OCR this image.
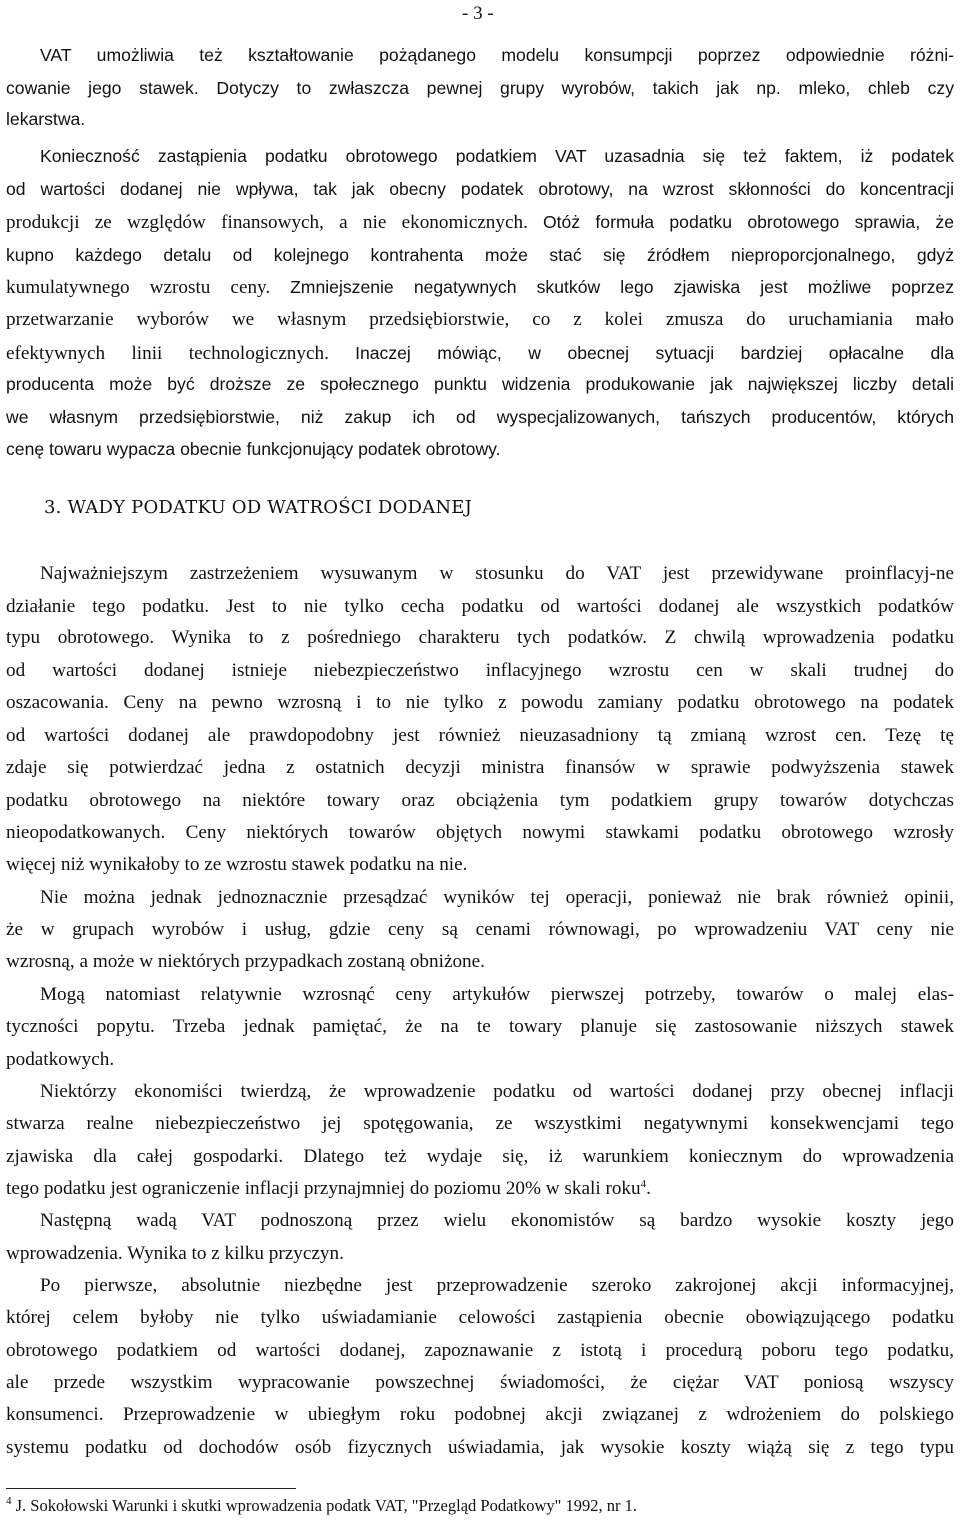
- 3 -
VAT umożliwia też kształtowanie pożądanego modelu konsumpcji poprzez odpowiednie różni-
cowanie jego stawek. Dotyczy to zwłaszcza pewnej grupy wyrobów, takich jak np. mleko, chleb czy
lekarstwa.
Konieczność zastąpienia podatku obrotowego podatkiem VAT uzasadnia się też faktem, iż podatek
od wartości dodanej nie wpływa, tak jak obecny podatek obrotowy, na wzrost skłonności do koncentracji
produkcji ze względów finansowych, a nie ekonomicznych. Otóż formuła podatku obrotowego sprawia, że
kupno każdego detalu od kolejnego kontrahenta może stać się źródłem nieproporcjonalnego, gdyż
kumulatywnego wzrostu ceny. Zmniejszenie negatywnych skutków lego zjawiska jest możliwe poprzez
przetwarzanie wyborów we własnym przedsiębiorstwie, co z kolei zmusza do uruchamiania mało
efektywnych linii technologicznych. Inaczej mówiąc, w obecnej sytuacji bardziej opłacalne dla
producenta może być droższe ze społecznego punktu widzenia produkowanie jak największej liczby detali
we własnym przedsiębiorstwie, niż zakup ich od wyspecjalizowanych, tańszych producentów, których
cenę towaru wypacza obecnie funkcjonujący podatek obrotowy.
3. WADY PODATKU OD WATROŚCI DODANEJ
Najważniejszym zastrzeżeniem wysuwanym w stosunku do VAT jest przewidywane proinflacyj-ne
działanie tego podatku. Jest to nie tylko cecha podatku od wartości dodanej ale wszystkich podatków
typu obrotowego. Wynika to z pośredniego charakteru tych podatków. Z chwilą wprowadzenia podatku
od wartości dodanej istnieje niebezpieczeństwo inflacyjnego wzrostu cen w skali trudnej do
oszacowania. Ceny na pewno wzrosną i to nie tylko z powodu zamiany podatku obrotowego na podatek
od wartości dodanej ale prawdopodobny jest również nieuzasadniony tą zmianą wzrost cen. Tezę tę
zdaje się potwierdzać jedna z ostatnich decyzji ministra finansów w sprawie podwyższenia stawek
podatku obrotowego na niektóre towary oraz obciążenia tym podatkiem grupy towarów dotychczas
nieopodatkowanych. Ceny niektórych towarów objętych nowymi stawkami podatku obrotowego wzrosły
więcej niż wynikałoby to ze wzrostu stawek podatku na nie.
Nie można jednak jednoznacznie przesądzać wyników tej operacji, ponieważ nie brak również opinii,
że w grupach wyrobów i usług, gdzie ceny są cenami równowagi, po wprowadzeniu VAT ceny nie
wzrosną, a może w niektórych przypadkach zostaną obniżone.
Mogą natomiast relatywnie wzrosnąć ceny artykułów pierwszej potrzeby, towarów o malej elas-
tyczności popytu. Trzeba jednak pamiętać, że na te towary planuje się zastosowanie niższych stawek
podatkowych.
Niektórzy ekonomiści twierdzą, że wprowadzenie podatku od wartości dodanej przy obecnej inflacji
stwarza realne niebezpieczeństwo jej spotęgowania, ze wszystkimi negatywnymi konsekwencjami tego
zjawiska dla całej gospodarki. Dlatego też wydaje się, iż warunkiem koniecznym do wprowadzenia
tego podatku jest ograniczenie inflacji przynajmniej do poziomu 20% w skali roku$^4$.
Następną wadą VAT podnoszoną przez wielu ekonomistów są bardzo wysokie koszty jego
wprowadzenia. Wynika to z kilku przyczyn.
Po pierwsze, absolutnie niezbędne jest przeprowadzenie szeroko zakrojonej akcji informacyjnej,
której celem byłoby nie tylko uświadamianie celowości zastąpienia obecnie obowiązującego podatku
obrotowego podatkiem od wartości dodanej, zapoznawanie z istotą i procedurą poboru tego podatku,
ale przede wszystkim wypracowanie powszechnej świadomości, że ciężar VAT poniosą wszyscy
konsumenci. Przeprowadzenie w ubiegłym roku podobnej akcji związanej z wdrożeniem do polskiego
systemu podatku od dochodów osób fizycznych uświadamia, jak wysokie koszty wiążą się z tego typu
$^4$ J. Sokołowski Warunki i skutki wprowadzenia podatk VAT, "Przegląd Podatkowy" 1992, nr 1.
